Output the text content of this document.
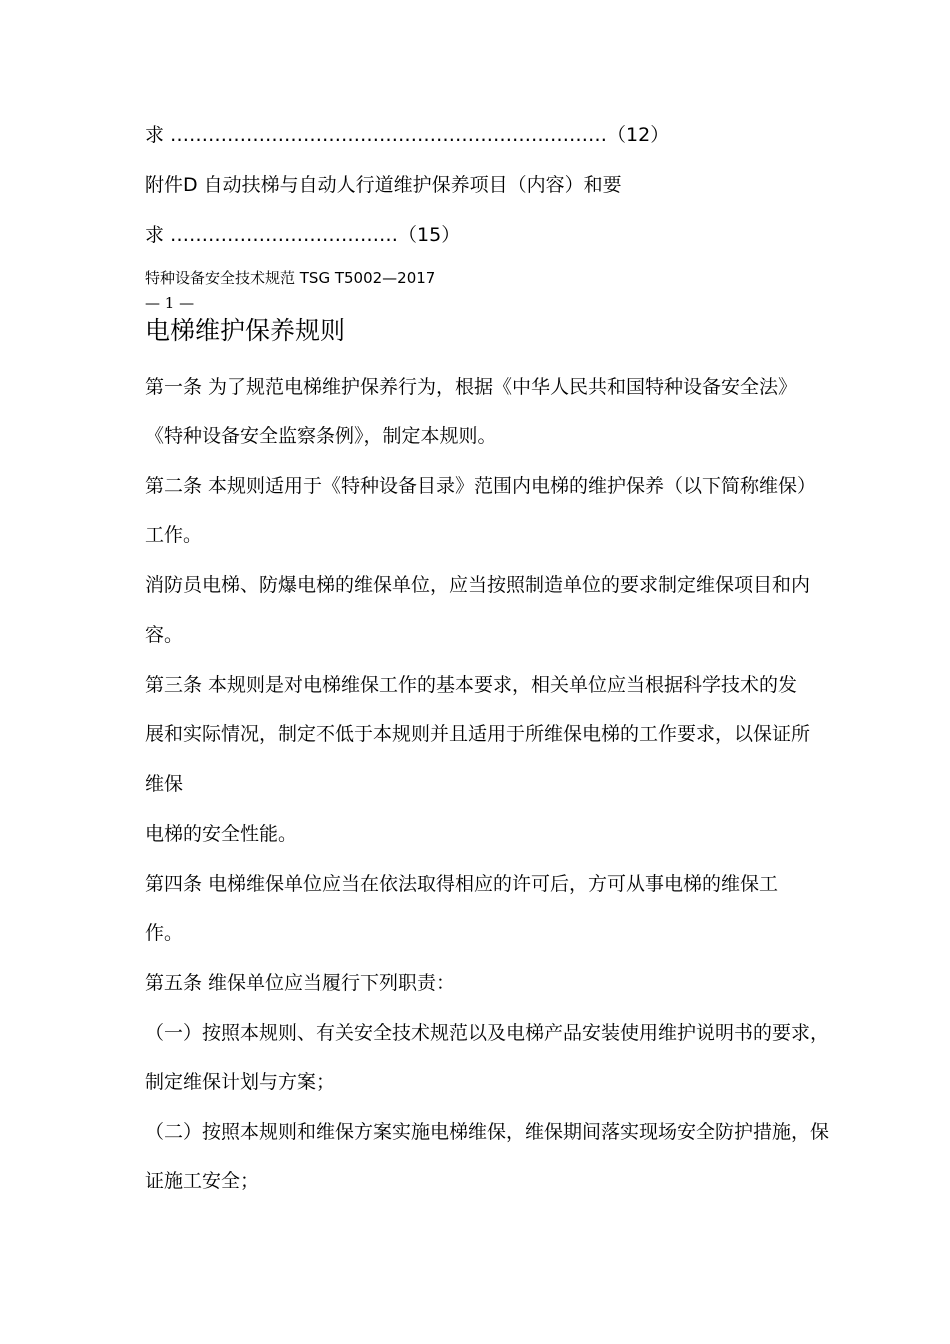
求 ……………………………………………………………（12）
附件D 自动扶梯与自动人行道维护保养项目（内容）和要
求 ………………………………（15）
特种设备安全技术规范 TSG T5002—2017
— 1 —
电梯维护保养规则
第一条 为了规范电梯维护保养行为，根据《中华人民共和国特种设备安全法》
《特种设备安全监察条例》，制定本规则。
第二条 本规则适用于《特种设备目录》范围内电梯的维护保养（以下简称维保）
工作。
消防员电梯、防爆电梯的维保单位，应当按照制造单位的要求制定维保项目和内
容。
第三条 本规则是对电梯维保工作的基本要求，相关单位应当根据科学技术的发
展和实际情况，制定不低于本规则并且适用于所维保电梯的工作要求，以保证所
维保
电梯的安全性能。
第四条 电梯维保单位应当在依法取得相应的许可后，方可从事电梯的维保工
作。
第五条 维保单位应当履行下列职责：
（一）按照本规则、有关安全技术规范以及电梯产品安装使用维护说明书的要求，
制定维保计划与方案；
（二）按照本规则和维保方案实施电梯维保，维保期间落实现场安全防护措施，保
证施工安全；
